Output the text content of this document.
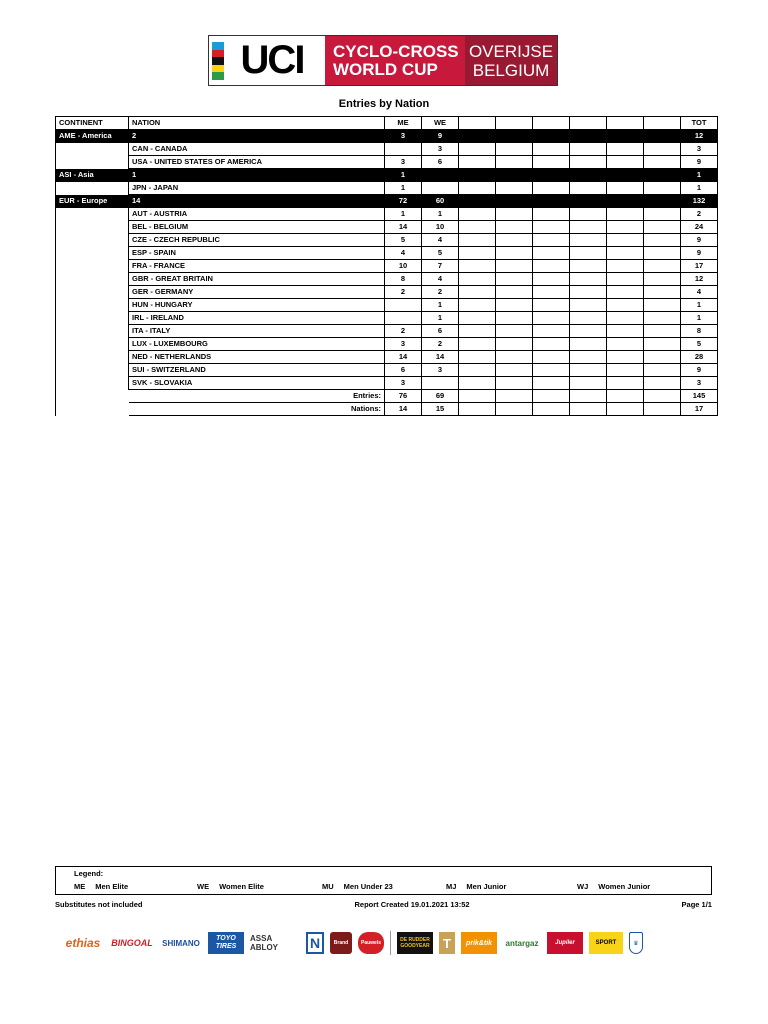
UCI CYCLO-CROSS
WORLD CUP
OVERIJSE
BELGIUM
Entries by Nation
CONTINENT	NATION	ME	WE							TOT
AME - America	2	3	9							12
	CAN - CANADA		3							3
	USA - UNITED STATES OF AMERICA	3	6							9
ASI - Asia	1	1								1
	JPN - JAPAN	1								1
EUR - Europe	14	72	60							132
	AUT - AUSTRIA	1	1							2
	BEL - BELGIUM	14	10							24
	CZE - CZECH REPUBLIC	5	4							9
	ESP - SPAIN	4	5							9
	FRA - FRANCE	10	7							17
	GBR - GREAT BRITAIN	8	4							12
	GER - GERMANY	2	2							4
	HUN - HUNGARY		1							1
	IRL - IRELAND		1							1
	ITA - ITALY	2	6							8
	LUX - LUXEMBOURG	3	2							5
	NED - NETHERLANDS	14	14							28
	SUI - SWITZERLAND	6	3							9
	SVK - SLOVAKIA	3								3
	Entries:	76	69							145
	Nations:	14	15							17
Legend:
ME Men Elite	WE Women Elite	MU Men Under 23	MJ Men Junior	WJ Women Junior
Substitutes not included	Report Created 19.01.2021 13:52	Page 1/1
ethias	BINGOAL SHIMANO	TOYO TIRES
ASSA ABLOY	N	Brand	Pauwels	DE RUDDER GOODYEAR	T	prik&tik	antargaz	Jupiler	SPORT	♛
